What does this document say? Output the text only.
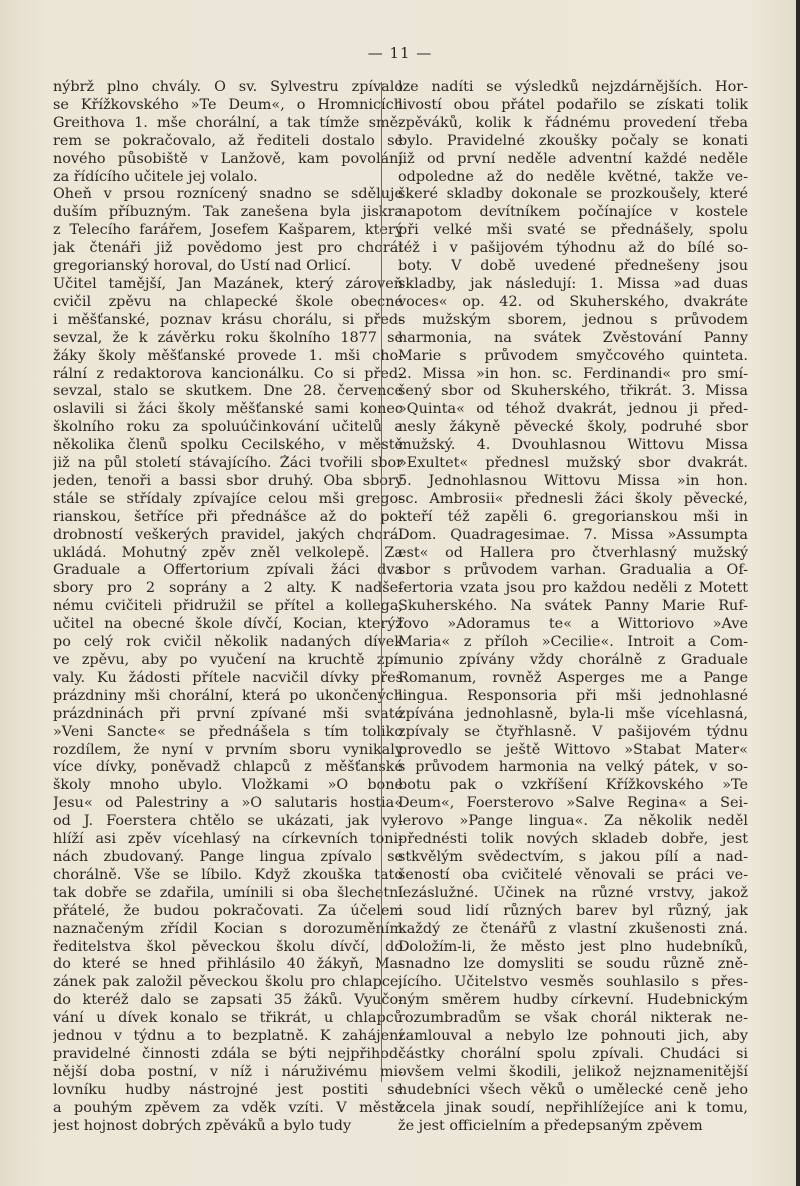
— 11 —
nýbrž plno chvály. O sv. Sylvestru zpívalo
se Křížkovského »Te Deum«, o Hromnicích
Greithova 1. mše chorální, a tak tímže smě-
rem se pokračovalo, až řediteli dostalo se
nového působiště v Lanžově, kam povolání
za řídícího učitele jej volalo.
Oheň v prsou roznícený snadno se sděluje
duším příbuzným. Tak zanešena byla jiskra
z Telecího farářem, Josefem Kašparem, který
jak čtenáři již povědomo jest pro chorál
gregorianský horoval, do Ústí nad Orlicí.
Učitel tamější, Jan Mazánek, který zároveň
cvičil zpěvu na chlapecké škole obecné
i měšťanské, poznav krásu chorálu, si před-
sevzal, že k závěrku roku školního 1877 se
žáky školy měšťanské provede 1. mši cho-
rální z redaktorova kancionálku. Co si před-
sevzal, stalo se skutkem. Dne 28. července
oslavili si žáci školy měšťanské sami konec
školního roku za spoluúčinkování učitelů a
několika členů spolku Cecilského, v městě
již na půl století stávajícího. Žáci tvořili sbor
jeden, tenoři a bassi sbor druhý. Oba sbory
stále se střídaly zpívajíce celou mši grego-
rianskou, šetříce při přednášce až do po-
drobností veškerých pravidel, jakých chorál
ukládá. Mohutný zpěv zněl velkolepě. Za
Graduale a Offertorium zpívali žáci dva
sbory pro 2 soprány a 2 alty. K nadše-
nému cvičiteli přidružil se přítel a kollega,
učitel na obecné škole dívčí, Kocian, kterýž
po celý rok cvičil několik nadaných dívek
ve zpěvu, aby po vyučení na kruchtě zpí-
valy. Ku žádosti přítele nacvičil dívky přes
prázdniny mši chorální, která po ukončených
prázdninách při první zpívané mši svaté
»Veni Sancte« se přednášela s tím toliko
rozdílem, že nyní v prvním sboru vynikaly
více dívky, poněvadž chlapců z měšťanské
školy mnoho ubylo. Vložkami »O bone
Jesu« od Palestriny a »O salutaris hostia«
od J. Foerstera chtělo se ukázati, jak vy-
hlíží asi zpěv vícehlasý na církevních toni-
nách zbudovaný. Pange lingua zpívalo se
chorálně. Vše se líbilo. Když zkouška tato
tak dobře se zdařila, umínili si oba šlechetní
přátelé, že budou pokračovati. Za účelem
naznačeným zřídil Kocian s dorozuměním
ředitelstva škol pěveckou školu dívčí, do
do které se hned přihlásilo 40 žákyň, Ma-
zánek pak založil pěveckou školu pro chlapce,
do kteréž dalo se zapsati 35 žáků. Vyučo-
vání u dívek konalo se třikrát, u chlapců
jednou v týdnu a to bezplatně. K zahájení
pravidelné činnosti zdála se býti nejpřihod-
nější doba postní, v níž i náruživému mi-
lovníku hudby nástrojné jest postiti se
a pouhým zpěvem za vděk vzíti. V městě
jest hojnost dobrých zpěváků a bylo tudy
lze nadíti se výsledků nejzdárnějších. Hor-
livostí obou přátel podařilo se získati tolik
zpěváků, kolik k řádnému provedení třeba
bylo. Pravidelné zkoušky počaly se konati
již od první neděle adventní každé neděle
odpoledne až do neděle květné, takže ve-
škeré skladby dokonale se prozkoušely, které
napotom devítníkem počínajíce v kostele
při velké mši svaté se přednášely, spolu
též i v pašijovém týhodnu až do bílé so-
boty. V době uvedené přednešeny jsou
skladby, jak následují: 1. Missa »ad duas
voces« op. 42. od Skuherského, dvakráte
s mužským sborem, jednou s průvodem
harmonia, na svátek Zvěstování Panny
Marie s průvodem smyčcového quinteta.
2. Missa »in hon. sc. Ferdinandi« pro smí-
šený sbor od Skuherského, třikrát. 3. Missa
»Quinta« od téhož dvakrát, jednou ji před-
nesly žákyně pěvecké školy, podruhé sbor
mužský. 4. Dvouhlasnou Wittovu Missa
»Exultet« přednesl mužský sbor dvakrát.
5. Jednohlasnou Wittovu Missa »in hon.
sc. Ambrosii« přednesli žáci školy pěvecké,
kteří též zapěli 6. gregorianskou mši in
Dom. Quadragesimae. 7. Missa »Assumpta
est« od Hallera pro čtverhlasný mužský
sbor s průvodem varhan. Gradualia a Of-
fertoria vzata jsou pro každou neděli z Motett
Skuherského. Na svátek Panny Marie Ruf-
fovo »Adoramus te« a Wittoriovo »Ave
Maria« z příloh »Cecilie«. Introit a Com-
munio zpívány vždy chorálně z Graduale
Romanum, rovněž Asperges me a Pange
lingua. Responsoria při mši jednohlasné
zpívána jednohlasně, byla-li mše vícehlasná,
zpívaly se čtyřhlasně. V pašijovém týdnu
provedlo se ještě Wittovo »Stabat Mater«
s průvodem harmonia na velký pátek, v so-
botu pak o vzkříšení Křížkovského »Te
Deum«, Foersterovo »Salve Regina« a Sei-
lerovo »Pange lingua«. Za několik neděl
přednésti tolik nových skladeb dobře, jest
stkvělým svědectvím, s jakou pílí a nad-
šeností oba cvičitelé věnovali se práci ve-
lezáslužné. Účinek na různé vrstvy, jakož
i soud lidí různých barev byl různý, jak
každý ze čtenářů z vlastní zkušenosti zná.
Doložím-li, že město jest plno hudebníků,
snadno lze domysliti se soudu různě zně-
jícího. Učitelstvo vesměs souhlasilo s přes-
ným směrem hudby církevní. Hudebnickým
rozumbradům se však chorál nikterak ne-
zamlouval a nebylo lze pohnouti jich, aby
částky chorální spolu zpívali. Chudáci si
ovšem velmi škodili, jelikož nejznamenitější
hudebníci všech věků o umělecké ceně jeho
zcela jinak soudí, nepřihlížejíce ani k tomu,
že jest officielním a předepsaným zpěvem
